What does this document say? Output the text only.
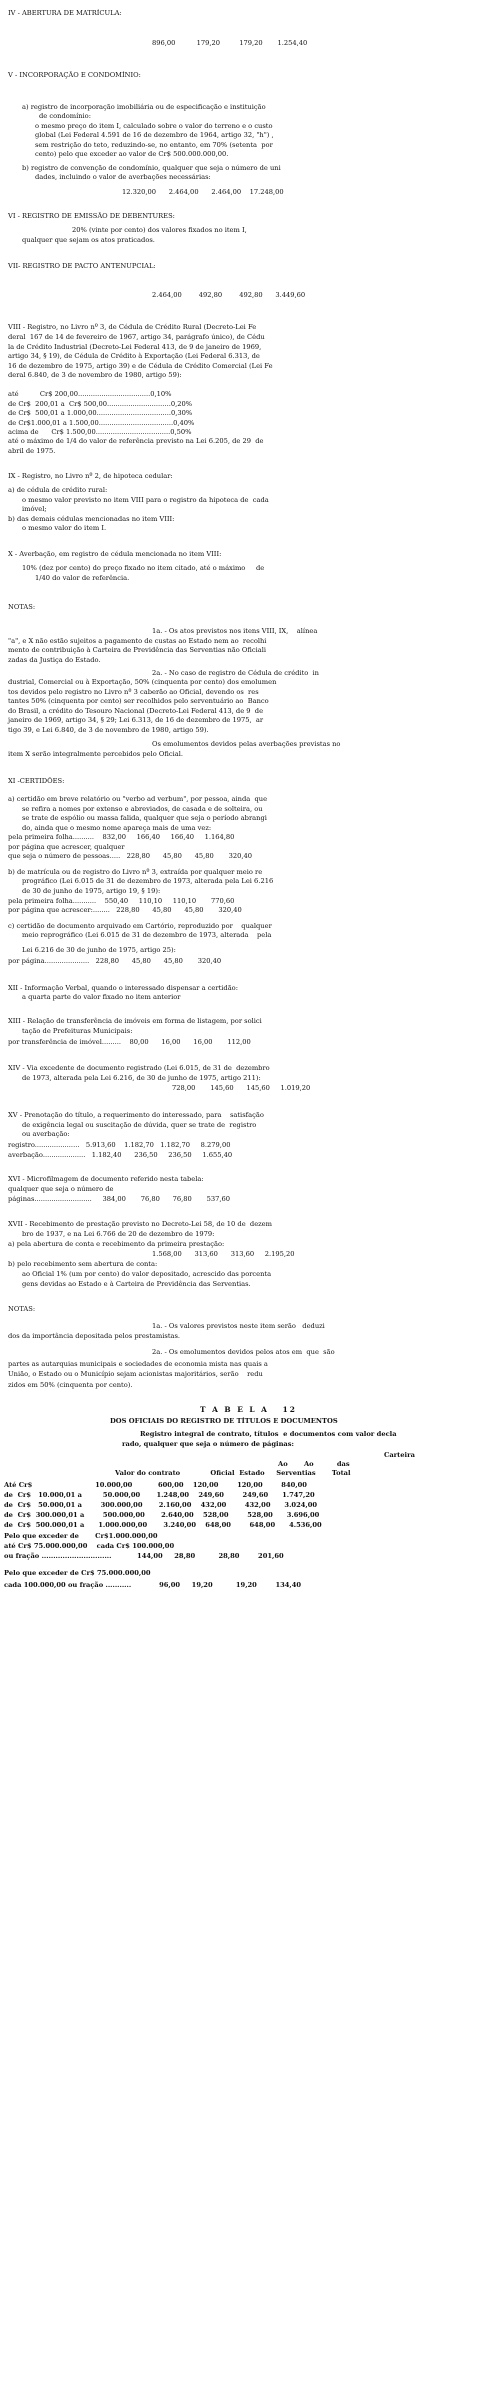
IV - ABERTURA DE MATRÍCULA:
896,00          179,20         179,20       1.254,40
V - INCORPORAÇÃO E CONDOMÍNIO:
a) registro de incorporação imobiliária ou de especificação e instituição
de condomínio:
o mesmo preço do item I, calculado sobre o valor do terreno e o custo
global (Lei Federal 4.591 de 16 de dezembro de 1964, artigo 32, "h") ,
sem restrição do teto, reduzindo-se, no entanto, em 70% (setenta  por
cento) pelo que exceder ao valor de Cr$ 500.000.000,00.
b) registro de convenção de condomínio, qualquer que seja o número de uni
dades, incluindo o valor de averbações necessárias:
12.320,00      2.464,00      2.464,00    17.248,00
VI - REGISTRO DE EMISSÃO DE DEBENTURES:
20% (vinte por cento) dos valores fixados no item I,
qualquer que sejam os atos praticados.
VII- REGISTRO DE PACTO ANTENUPCIAL:
2.464,00        492,80        492,80      3.449,60
VIII - Registro, no Livro nº 3, de Cédula de Crédito Rural (Decreto-Lei Fe
deral  167 de 14 de fevereiro de 1967, artigo 34, parágrafo único), de Cédu
la de Crédito Industrial (Decreto-Lei Federal 413, de 9 de janeiro de 1969,
artigo 34, § 19), de Cédula de Crédito à Exportação (Lei Federal 6.313, de
16 de dezembro de 1975, artigo 39) e de Cédula de Crédito Comercial (Lei Fe
deral 6.840, de 3 de novembro de 1980, artigo 59):
até          Cr$ 200,00..................................0,10%
de Cr$  200,01 a  Cr$ 500,00..............................0,20%
de Cr$  500,01 a 1.000,00...................................0,30%
de Cr$1.000,01 a 1.500,00...................................0,40%
acima de      Cr$ 1.500,00...................................0,50%
até o máximo de 1/4 do valor de referência previsto na Lei 6.205, de 29  de
abril de 1975.
IX - Registro, no Livro nº 2, de hipoteca cedular:
a) de cédula de crédito rural:
o mesmo valor previsto no item VIII para o registro da hipoteca de  cada
imóvel;
b) das demais cédulas mencionadas no item VIII:
o mesmo valor do item I.
X - Averbação, em registro de cédula mencionada no item VIII:
10% (dez por cento) do preço fixado no item citado, até o máximo     de
1/40 do valor de referência.
NOTAS:
1a. - Os atos previstos nos itens VIII, IX,    alínea
"a", e X não estão sujeitos a pagamento de custas ao Estado nem ao  recolhi
mento de contribuição à Carteira de Previdência das Serventias não Oficiali
zadas da Justiça do Estado.
2a. - No caso de registro de Cédula de crédito  in
dustrial, Comercial ou à Exportação, 50% (cinquenta por cento) dos emolumen
tos devidos pelo registro no Livro nº 3 caberão ao Oficial, devendo os  res
tantes 50% (cinquenta por cento) ser recolhidos pelo serventuário ao  Banco
do Brasil, a crédito do Tesouro Nacional (Decreto-Lei Federal 413, de 9  de
janeiro de 1969, artigo 34, § 29; Lei 6.313, de 16 de dezembro de 1975,  ar
tigo 39, e Lei 6.840, de 3 de novembro de 1980, artigo 59).
Os emolumentos devidos pelas averbações previstas no
item X serão integralmente percebidos pelo Oficial.
XI -CERTIDÕES:
a) certidão em breve relatório ou "verbo ad verbum", por pessoa, ainda  que
se refira a nomes por extenso e abreviados, de casada e de solteira, ou
se trate de espólio ou massa falida, qualquer que seja o período abrangi
do, ainda que o mesmo nome apareça mais de uma vez:
pela primeira folha..........    832,00     166,40     166,40     1.164,80
por página que acrescer, qualquer
que seja o número de pessoas.....   228,80      45,80      45,80       320,40
b) de matrícula ou de registro do Livro nº 3, extraída por qualquer meio re
prográfico (Lei 6.015 de 31 de dezembro de 1973, alterada pela Lei 6.216
de 30 de junho de 1975, artigo 19, § 19):
pela primeira folha...........    550,40     110,10     110,10       770,60
por página que acrescer:........   228,80      45,80      45,80       320,40
c) certidão de documento arquivado em Cartório, reproduzido por    qualquer
meio reprográfico (Lei 6.015 de 31 de dezembro de 1973, alterada    pela
Lei 6.216 de 30 de junho de 1975, artigo 25):
por página.....................   228,80      45,80      45,80       320,40
XII - Informação Verbal, quando o interessado dispensar a certidão:
a quarta parte do valor fixado no item anterior
XIII - Relação de transferência de imóveis em forma de listagem, por solici
tação de Prefeituras Municipais:
por transferência de imóvel.........    80,00      16,00      16,00       112,00
XIV - Via excedente de documento registrado (Lei 6.015, de 31 de  dezembro
de 1973, alterada pela Lei 6.216, de 30 de junho de 1975, artigo 211):
728,00       145,60      145,60     1.019,20
XV - Prenotação do título, a requerimento do interessado, para    satisfação
de exigência legal ou suscitação de dúvida, quer se trate de  registro
ou averbação:
registro.....................   5.913,60    1.182,70   1.182,70     8.279,00
averbação....................   1.182,40      236,50     236,50     1.655,40
XVI - Microfilmagem de documento referido nesta tabela:
qualquer que seja o número de
páginas...........................     384,00       76,80      76,80       537,60
XVII - Recebimento de prestação previsto no Decreto-Lei 58, de 10 de  dezem
bro de 1937, e na Lei 6.766 de 20 de dezembro de 1979:
a) pela abertura de conta e recebimento da primeira prestação:
1.568,00      313,60      313,60     2.195,20
b) pelo recebimento sem abertura de conta:
ao Oficial 1% (um por cento) do valor depositado, acrescido das porcenta
gens devidas ao Estado e à Carteira de Previdência das Serventias.
NOTAS:
1a. - Os valores previstos neste item serão   deduzi
dos da importância depositada pelos prestamistas.
2a. - Os emolumentos devidos pelos atos em  que  são
partes as autarquias municipais e sociedades de economia mista nas quais a
União, o Estado ou o Município sejam acionistas majoritários, serão    redu
zidos em 50% (cinquenta por cento).
T A B E L A   12
DOS OFICIAIS DO REGISTRO DE TÍTULOS E DOCUMENTOS
Registro integral de contrato, títulos  e documentos com valor decla
rado, qualquer que seja o número de páginas:
Carteira
Ao       Ao          das
Valor do contrato             Oficial  Estado     Serventias       Total
Até Cr$                           10.000,00           600,00    120,00        120,00        840,00
de  Cr$   10.000,01 a         50.000,00       1.248,00    249,60        249,60      1.747,20
de  Cr$   50.000,01 a        300.000,00       2.160,00    432,00        432,00      3.024,00
de  Cr$  300.000,01 a        500.000,00       2.640,00    528,00        528,00      3.696,00
de  Cr$  500.000,01 a      1.000.000,00       3.240,00    648,00        648,00      4.536,00
Pelo que exceder de       Cr$1.000.000,00
até Cr$ 75.000.000,00    cada Cr$ 100.000,00
ou fração ..............................           144,00     28,80          28,80        201,60
Pelo que exceder de Cr$ 75.000.000,00
cada 100.000,00 ou fração ...........            96,00     19,20          19,20        134,40
